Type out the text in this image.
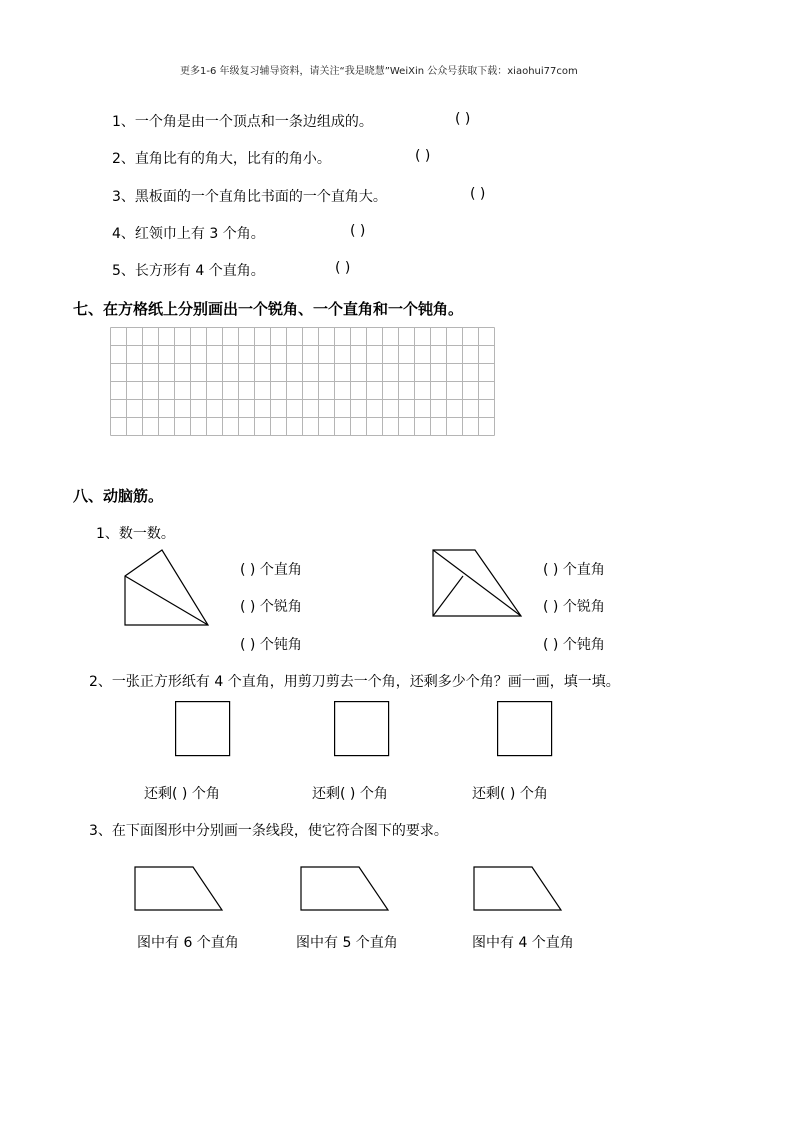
更多1-6 年级复习辅导资料，请关注“我是晓慧”WeiXin 公众号获取下载：xiaohui77com
1、一个角是由一个顶点和一条边组成的。	( )
2、直角比有的角大，比有的角小。	( )
3、黑板面的一个直角比书面的一个直角大。	( )
4、红领巾上有 3 个角。	( )
5、长方形有 4 个直角。	( )
七、在方格纸上分别画出一个锐角、一个直角和一个钝角。
八、动脑筋。
1、数一数。
( ) 个直角
( ) 个锐角
( ) 个钝角
( ) 个直角
( ) 个锐角
( ) 个钝角
2、一张正方形纸有 4 个直角，用剪刀剪去一个角，还剩多少个角？画一画，填一填。
还剩( ) 个角	还剩( ) 个角	还剩( ) 个角
3、在下面图形中分别画一条线段，使它符合图下的要求。
图中有 6 个直角	图中有 5 个直角	图中有 4 个直角
